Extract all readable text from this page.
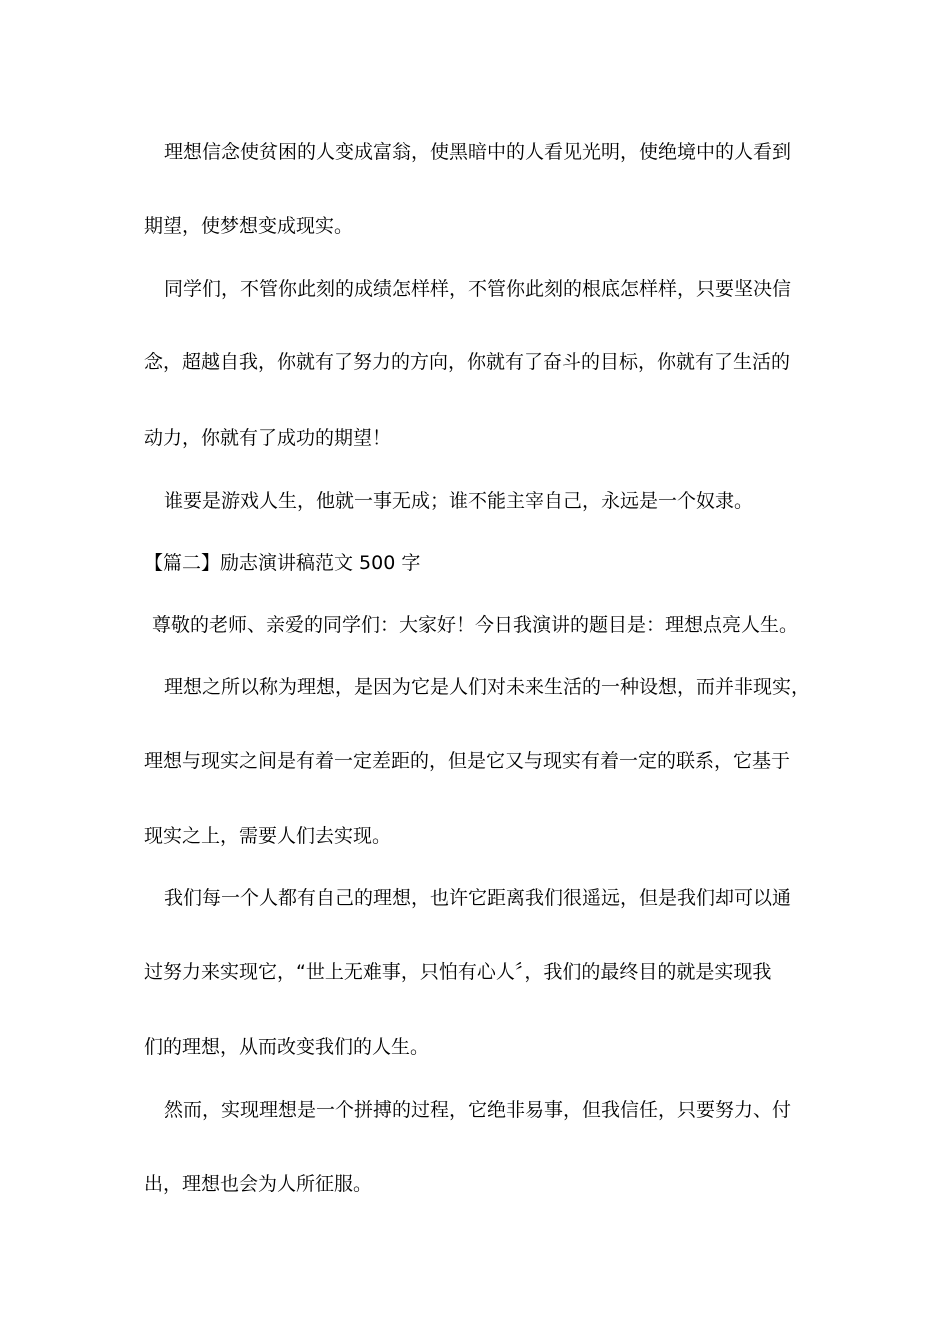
理想信念使贫困的人变成富翁，使黑暗中的人看见光明，使绝境中的人看到

期望，使梦想变成现实。

同学们，不管你此刻的成绩怎样样，不管你此刻的根底怎样样，只要坚决信

念，超越自我，你就有了努力的方向，你就有了奋斗的目标，你就有了生活的

动力，你就有了成功的期望！

谁要是游戏人生，他就一事无成；谁不能主宰自己，永远是一个奴隶。

【篇二】励志演讲稿范文 500 字

尊敬的老师、亲爱的同学们：大家好！今日我演讲的题目是：理想点亮人生。

理想之所以称为理想，是因为它是人们对未来生活的一种设想，而并非现实，

理想与现实之间是有着一定差距的，但是它又与现实有着一定的联系，它基于

现实之上，需要人们去实现。

我们每一个人都有自己的理想，也许它距离我们很遥远，但是我们却可以通

过努力来实现它，“世上无难事，只怕有心人〞，我们的最终目的就是实现我

们的理想，从而改变我们的人生。

然而，实现理想是一个拼搏的过程，它绝非易事，但我信任，只要努力、付

出，理想也会为人所征服。
